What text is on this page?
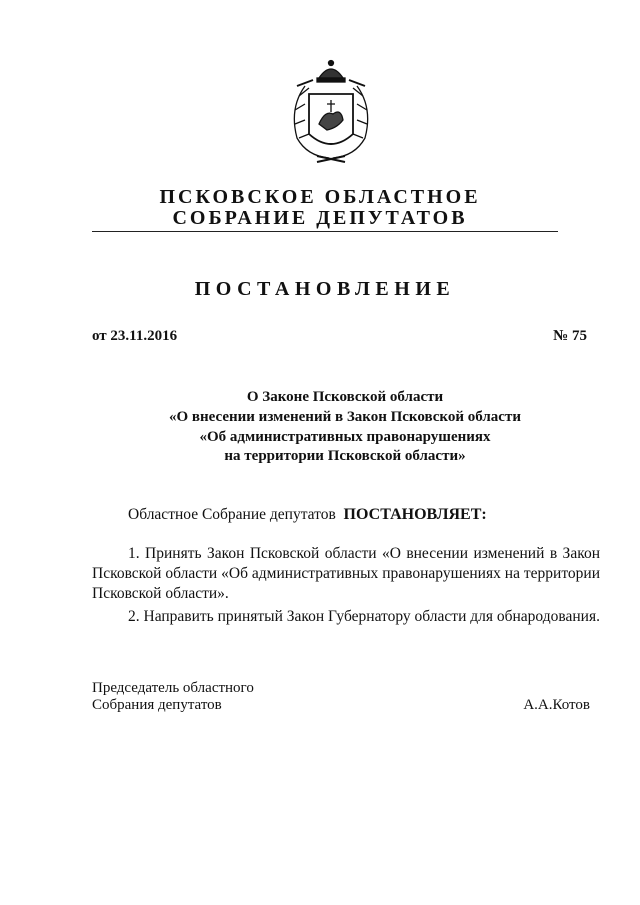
ПСКОВСКОЕ ОБЛАСТНОЕ
СОБРАНИЕ ДЕПУТАТОВ
ПОСТАНОВЛЕНИЕ
от 23.11.2016	№ 75
О Законе Псковской области
«О внесении изменений в Закон Псковской области
«Об административных правонарушениях
на территории Псковской области»
Областное Собрание депутатов ПОСТАНОВЛЯЕТ:
1. Принять Закон Псковской области «О внесении изменений в Закон Псковской области «Об административных правонарушениях на территории Псковской области».
2. Направить принятый Закон Губернатору области для обнародования.
Председатель областного
Собрания депутатов	А.А.Котов
